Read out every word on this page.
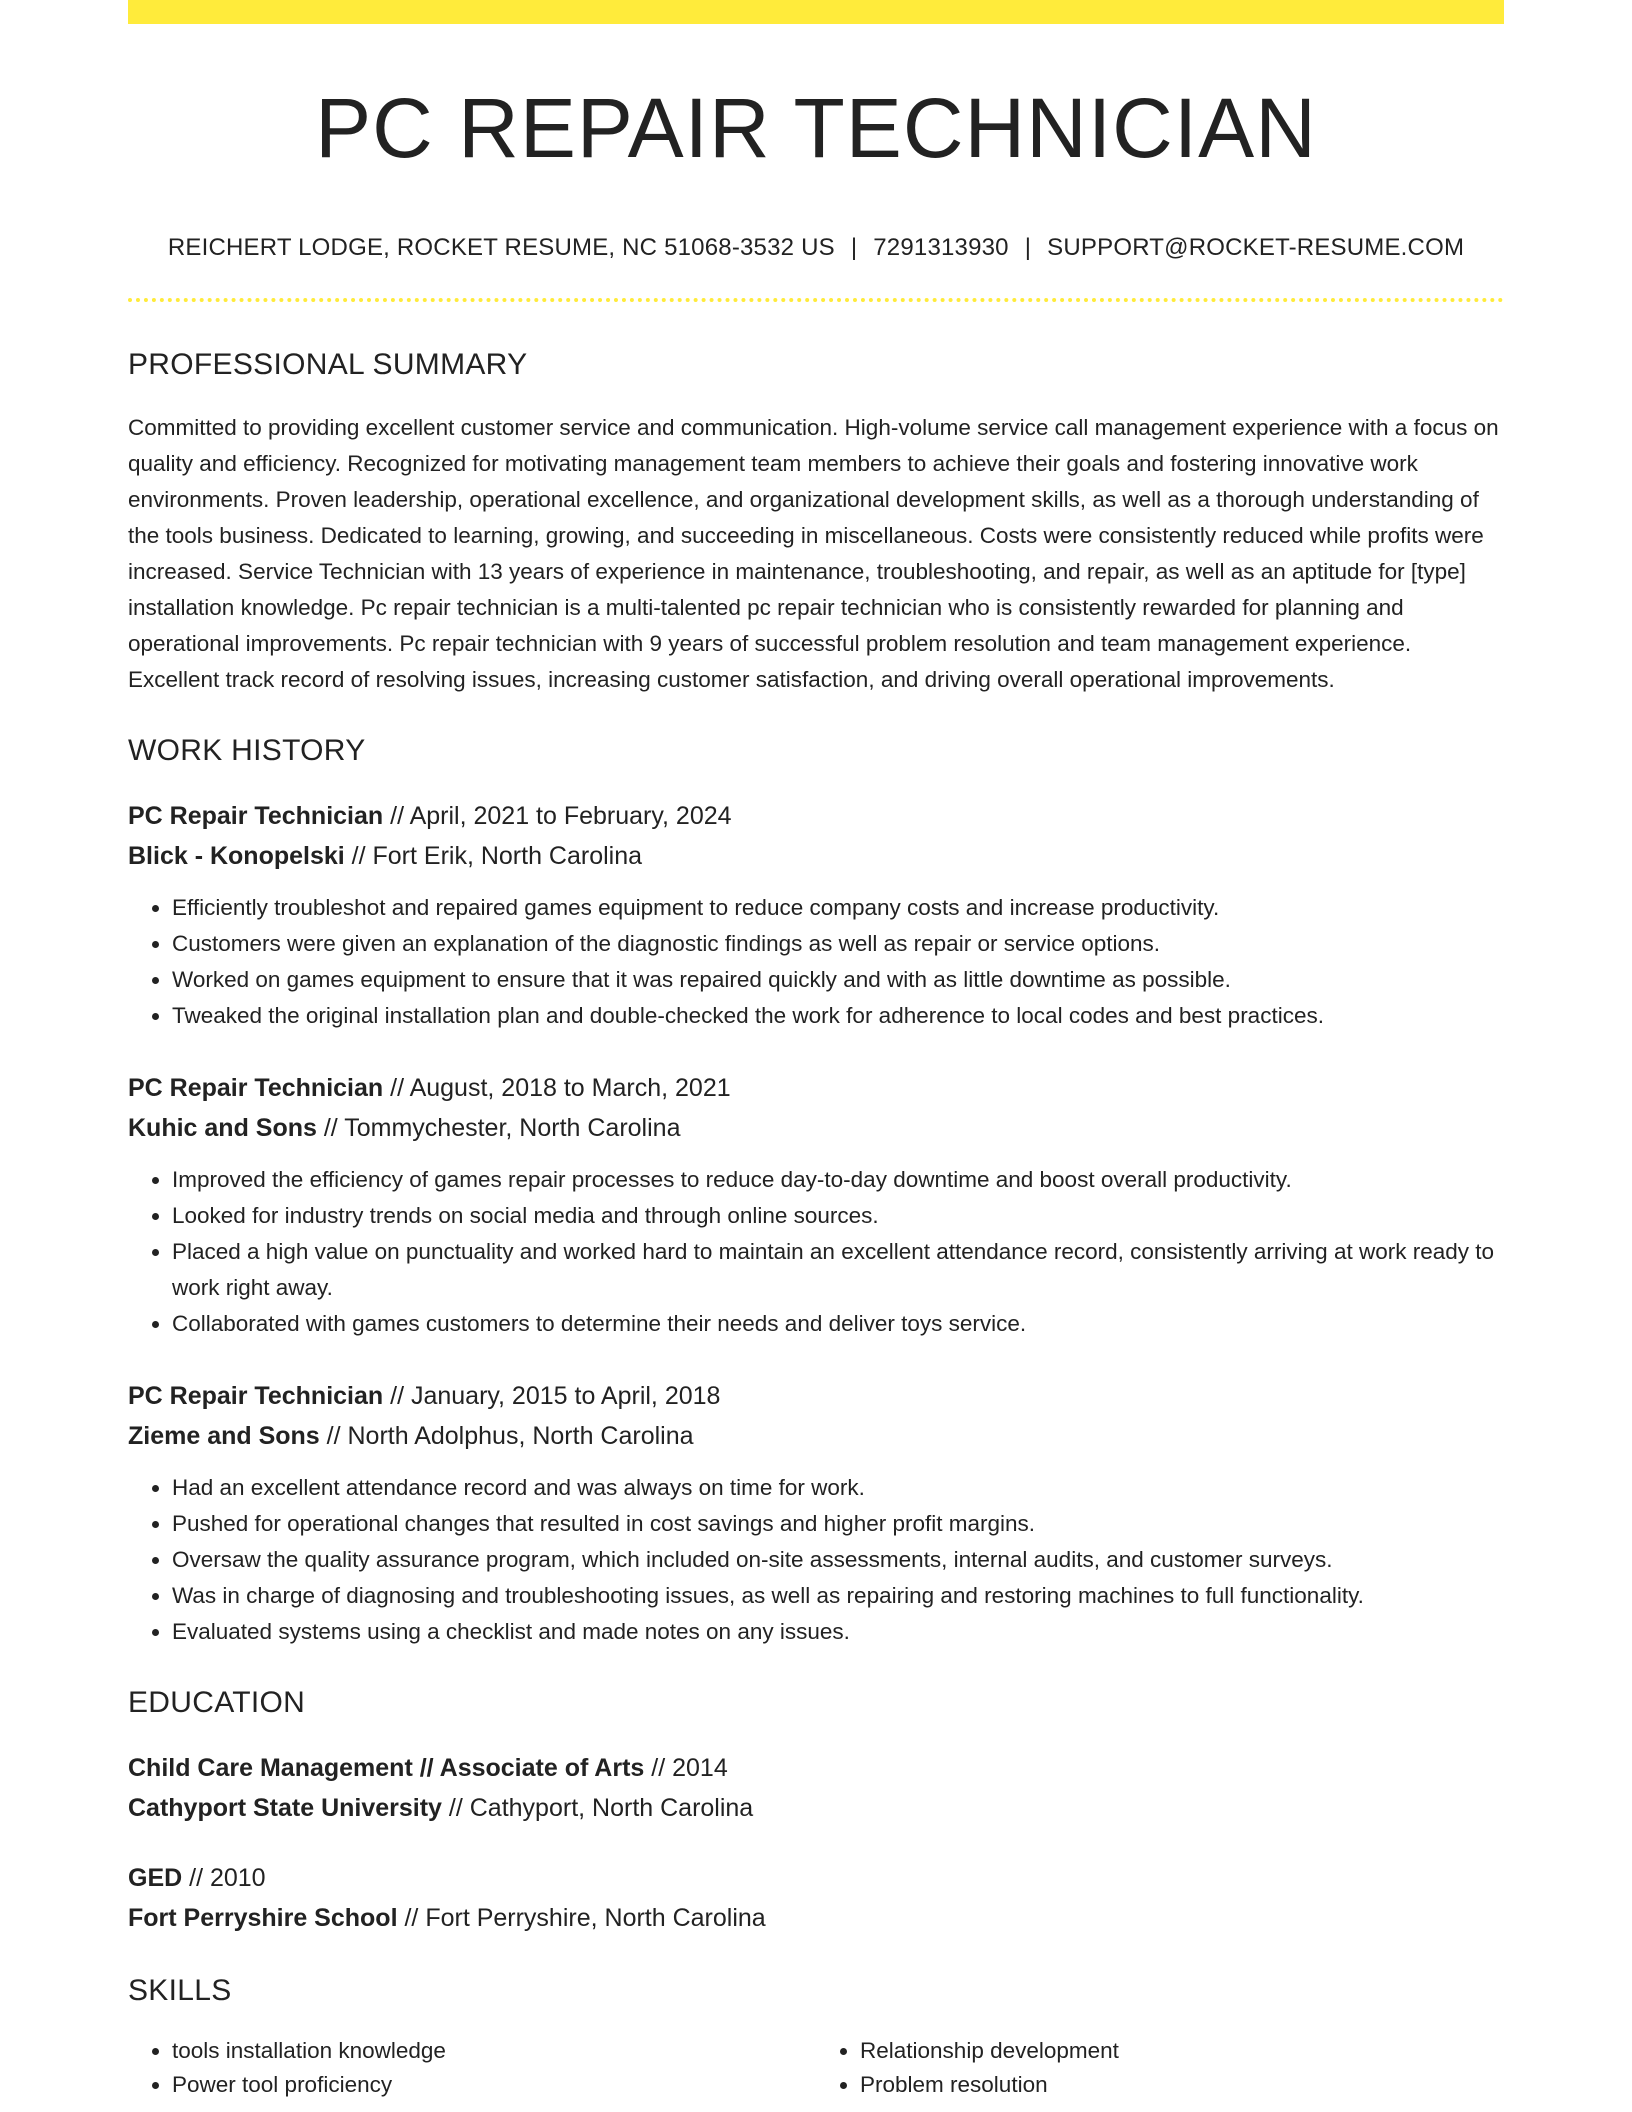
PC REPAIR TECHNICIAN
REICHERT LODGE, ROCKET RESUME, NC 51068-3532 US | 7291313930 | SUPPORT@ROCKET-RESUME.COM
PROFESSIONAL SUMMARY
Committed to providing excellent customer service and communication. High-volume service call management experience with a focus on quality and efficiency. Recognized for motivating management team members to achieve their goals and fostering innovative work environments. Proven leadership, operational excellence, and organizational development skills, as well as a thorough understanding of the tools business. Dedicated to learning, growing, and succeeding in miscellaneous. Costs were consistently reduced while profits were increased. Service Technician with 13 years of experience in maintenance, troubleshooting, and repair, as well as an aptitude for [type] installation knowledge. Pc repair technician is a multi-talented pc repair technician who is consistently rewarded for planning and operational improvements. Pc repair technician with 9 years of successful problem resolution and team management experience. Excellent track record of resolving issues, increasing customer satisfaction, and driving overall operational improvements.
WORK HISTORY
PC Repair Technician // April, 2021 to February, 2024
Blick - Konopelski // Fort Erik, North Carolina
• Efficiently troubleshot and repaired games equipment to reduce company costs and increase productivity.
• Customers were given an explanation of the diagnostic findings as well as repair or service options.
• Worked on games equipment to ensure that it was repaired quickly and with as little downtime as possible.
• Tweaked the original installation plan and double-checked the work for adherence to local codes and best practices.
PC Repair Technician // August, 2018 to March, 2021
Kuhic and Sons // Tommychester, North Carolina
• Improved the efficiency of games repair processes to reduce day-to-day downtime and boost overall productivity.
• Looked for industry trends on social media and through online sources.
• Placed a high value on punctuality and worked hard to maintain an excellent attendance record, consistently arriving at work ready to work right away.
• Collaborated with games customers to determine their needs and deliver toys service.
PC Repair Technician // January, 2015 to April, 2018
Zieme and Sons // North Adolphus, North Carolina
• Had an excellent attendance record and was always on time for work.
• Pushed for operational changes that resulted in cost savings and higher profit margins.
• Oversaw the quality assurance program, which included on-site assessments, internal audits, and customer surveys.
• Was in charge of diagnosing and troubleshooting issues, as well as repairing and restoring machines to full functionality.
• Evaluated systems using a checklist and made notes on any issues.
EDUCATION
Child Care Management // Associate of Arts // 2014
Cathyport State University // Cathyport, North Carolina
GED // 2010
Fort Perryshire School // Fort Perryshire, North Carolina
SKILLS
• tools installation knowledge
• Power tool proficiency
• Relationship development
• Problem resolution
